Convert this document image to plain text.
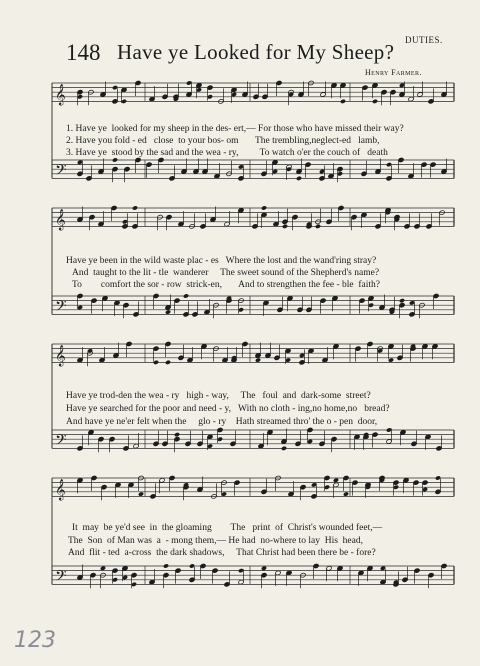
148 Have ye Looked for My Sheep? DUTIES.
Henry Farmer.
𝄞
𝄢
𝄞
𝄢
𝄞
𝄢
𝄞
𝄢
1. Have ye  looked for my sheep in the des- ert,— For those who have missed their way?
2. Have you fold - ed   close  to your bos- om       The trembling,neglect-ed   lamb,
3. Have ye  stood by the sad and the wea - ry,         To watch o'er the couch of   death
Have ye been in the wild waste plac - es   Where the lost and the wand'ring stray?
And  taught to the lit - tle  wanderer     The sweet sound of the Shepherd's name?
To        comfort the sor - row  strick-en,       And to strengthen the fee - ble  faith?
Have ye trod-den the wea - ry   high - way,     The   foul  and  dark-some  street?
Have ye searched for the poor and need - y,   With no cloth - ing,no home,no   bread?
And have ye ne'er felt when the     glo - ry    Hath streamed thro' the o - pen  door,
It  may  be ye'd see  in  the gloaming        The   print  of  Christ's wounded feet,—
The  Son  of Man was  a  - mong them,— He had  no-where to lay  His  head,
And  flit - ted  a-cross  the dark shadows,     That Christ had been there be - fore?
123
